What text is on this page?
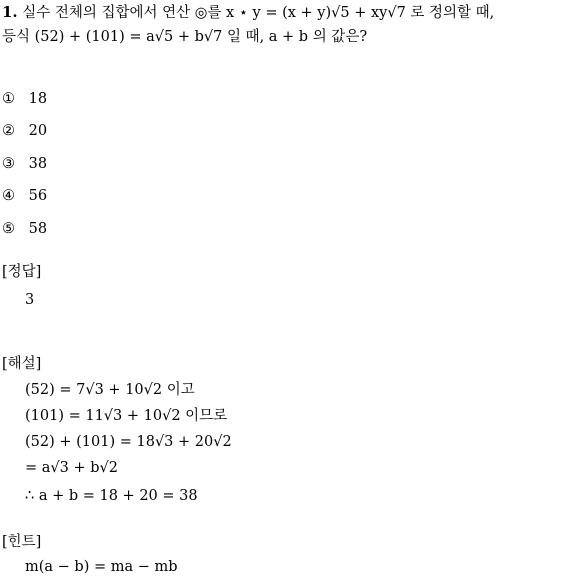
1. 실수 전체의 집합에서 연산 ◎를 x ⋆ y = (x + y)√5 + xy√7 로 정의할 때,
등식 (52) + (101) = a√5 + b√7 일 때, a + b 의 값은?
① 18
② 20
③ 38
④ 56
⑤ 58
[정답]
3
[해설]
(52) = 7√3 + 10√2 이고
(101) = 11√3 + 10√2 이므로
(52) + (101) = 18√3 + 20√2
= a√3 + b√2
∴ a + b = 18 + 20 = 38
[힌트]
m(a − b) = ma − mb
